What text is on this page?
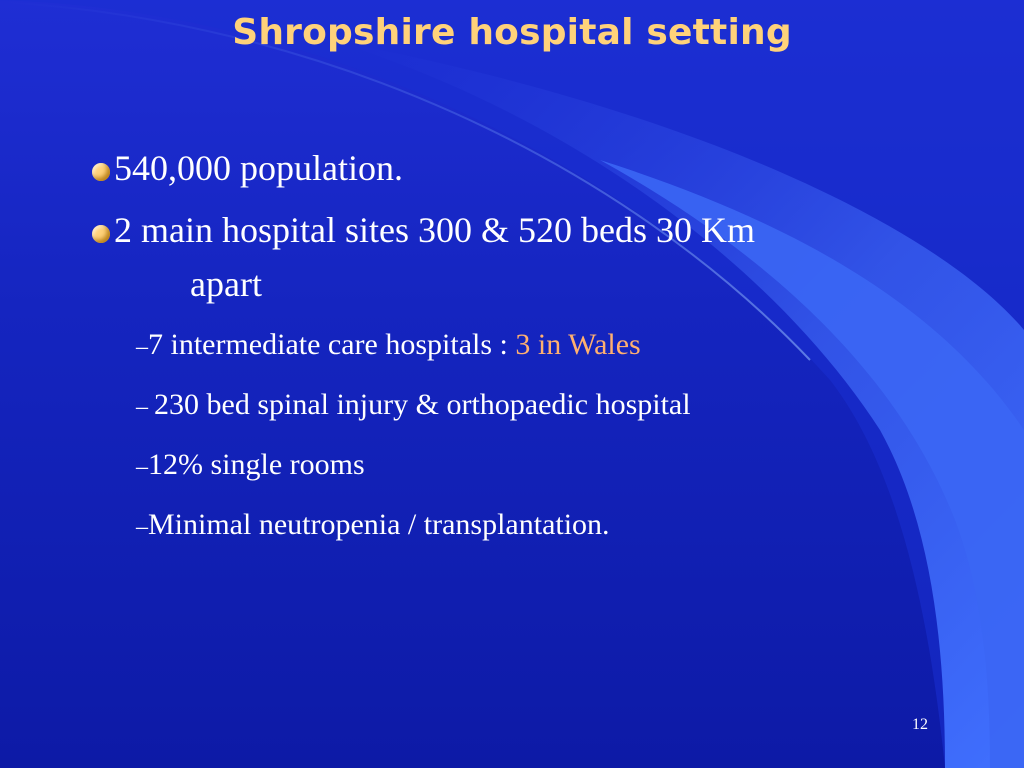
Shropshire hospital setting
540,000 population.
2 main hospital sites 300 & 520 beds 30 Km
apart
–7 intermediate care hospitals : 3 in Wales
– 230 bed spinal injury & orthopaedic hospital
–12% single rooms
–Minimal neutropenia / transplantation.
12
